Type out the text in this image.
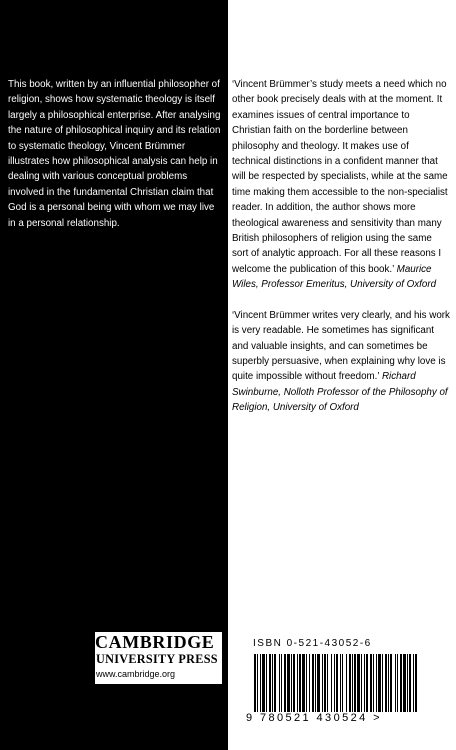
This book, written by an influential philosopher of religion, shows how systematic theology is itself largely a philosophical enterprise. After analysing the nature of philosophical inquiry and its relation to systematic theology, Vincent Brümmer illustrates how philosophical analysis can help in dealing with various conceptual problems involved in the fundamental Christian claim that God is a personal being with whom we may live in a personal relationship.

CAMBRIDGE
UNIVERSITY PRESS
www.cambridge.org

‘Vincent Brümmer’s study meets a need which no other book precisely deals with at the moment. It examines issues of central importance to Christian faith on the borderline between philosophy and theology. It makes use of technical distinctions in a confident manner that will be respected by specialists, while at the same time making them accessible to the non-specialist reader. In addition, the author shows more theological awareness and sensitivity than many British philosophers of religion using the same sort of analytic approach. For all these reasons I welcome the publication of this book.’ Maurice Wiles, Professor Emeritus, University of Oxford

‘Vincent Brümmer writes very clearly, and his work is very readable. He sometimes has significant and valuable insights, and can sometimes be superbly persuasive, when explaining why love is quite impossible without freedom.’ Richard Swinburne, Nolloth Professor of the Philosophy of Religion, University of Oxford

ISBN 0-521-43052-6
9 780521 430524 >
